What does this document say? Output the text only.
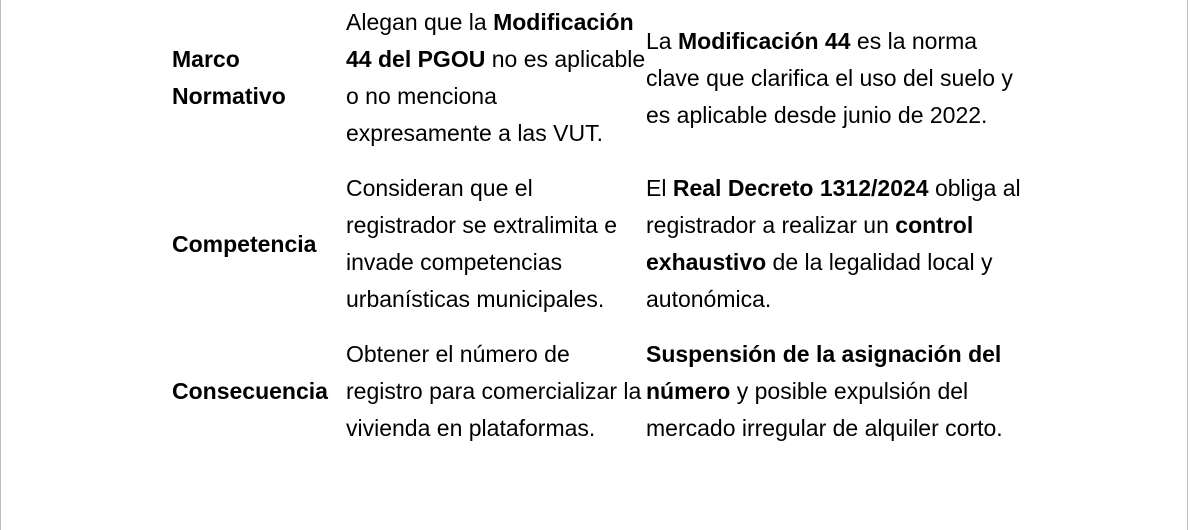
Marco Normativo	Alegan que la Modificación 44 del PGOU no es aplicable o no menciona expresamente a las VUT.	La Modificación 44 es la norma clave que clarifica el uso del suelo y es aplicable desde junio de 2022.
Competencia	Consideran que el registrador se extralimita e invade competencias urbanísticas municipales.	El Real Decreto 1312/2024 obliga al registrador a realizar un control exhaustivo de la legalidad local y autonómica.
Consecuencia	Obtener el número de registro para comercializar la vivienda en plataformas.	Suspensión de la asignación del número y posible expulsión del mercado irregular de alquiler corto.
